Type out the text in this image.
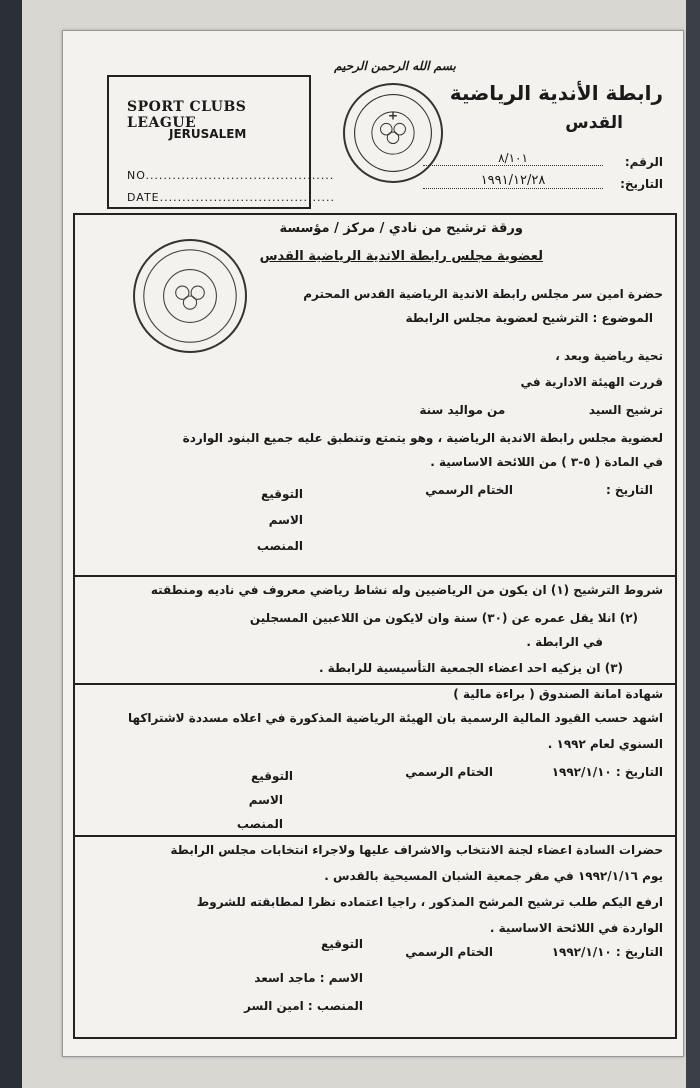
بسم الله الرحمن الرحيم
SPORT CLUBS LEAGUE
JERUSALEM
NO..........................................
DATE.......................................
رابطة الأندية الرياضية
القدس
الرقم:
٨/١٠١
التاريخ:
١٩٩١/١٢/٢٨
ورقة ترشيح من نادي / مركز / مؤسسة
لعضوية مجلس رابطة الاندية الرياضية القدس
حضرة امين سر مجلس رابطة الاندية الرياضية القدس المحترم
الموضوع : الترشيح لعضوية مجلس الرابطة
تحية رياضية وبعد ،
قررت الهيئة الادارية في
ترشيح السيد                    من مواليد سنة
لعضوية مجلس رابطة الاندية الرياضية ، وهو يتمتع وتنطبق عليه جميع البنود الواردة
في المادة ( ٥-٣ ) من اللائحة الاساسية .
التاريخ :
الختام الرسمي
التوقيع
الاسم
المنصب
شروط الترشيح (١) ان يكون من الرياضيين وله نشاط رياضي معروف في ناديه ومنطقته
(٢) انلا يقل عمره عن (٣٠) سنة وان لايكون من اللاعبين المسجلين
في الرابطة .
(٣) ان يزكيه احد اعضاء الجمعية التأسيسية للرابطة .
شهادة امانة الصندوق ( براءة مالية )
اشهد حسب القيود المالية الرسمية بان الهيئة الرياضية المذكورة في اعلاه مسددة لاشتراكها
السنوي لعام ١٩٩٢ .
التاريخ : ١٩٩٢/١/١٠
الختام الرسمي
التوقيع
الاسم
المنصب
حضرات السادة اعضاء لجنة الانتخاب والاشراف عليها ولاجراء انتخابات مجلس الرابطة
يوم ١٩٩٢/١/١٦ في مقر جمعية الشبان المسيحية بالقدس .
ارفع اليكم طلب ترشيح المرشح المذكور ، راجيا اعتماده نظرا لمطابقته للشروط
الواردة في اللائحة الاساسية .
التاريخ : ١٩٩٢/١/١٠
الختام الرسمي
التوقيع
الاسم : ماجد اسعد
المنصب : امين السر
